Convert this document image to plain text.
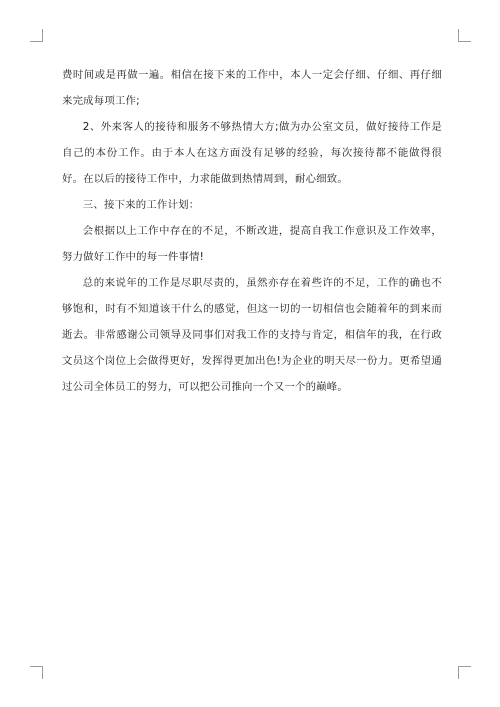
费时间或是再做一遍。相信在接下来的工作中，本人一定会仔细、仔细、再仔细来完成每项工作;

2、外来客人的接待和服务不够热情大方;做为办公室文员，做好接待工作是自己的本份工作。由于本人在这方面没有足够的经验，每次接待都不能做得很好。在以后的接待工作中，力求能做到热情周到，耐心细致。

三、接下来的工作计划：

会根据以上工作中存在的不足，不断改进，提高自我工作意识及工作效率，努力做好工作中的每一件事情!

总的来说年的工作是尽职尽责的，虽然亦存在着些许的不足，工作的确也不够饱和，时有不知道该干什么的感觉，但这一切的一切相信也会随着年的到来而逝去。非常感谢公司领导及同事们对我工作的支持与肯定，相信年的我，在行政文员这个岗位上会做得更好，发挥得更加出色!为企业的明天尽一份力。更希望通过公司全体员工的努力，可以把公司推向一个又一个的巅峰。
